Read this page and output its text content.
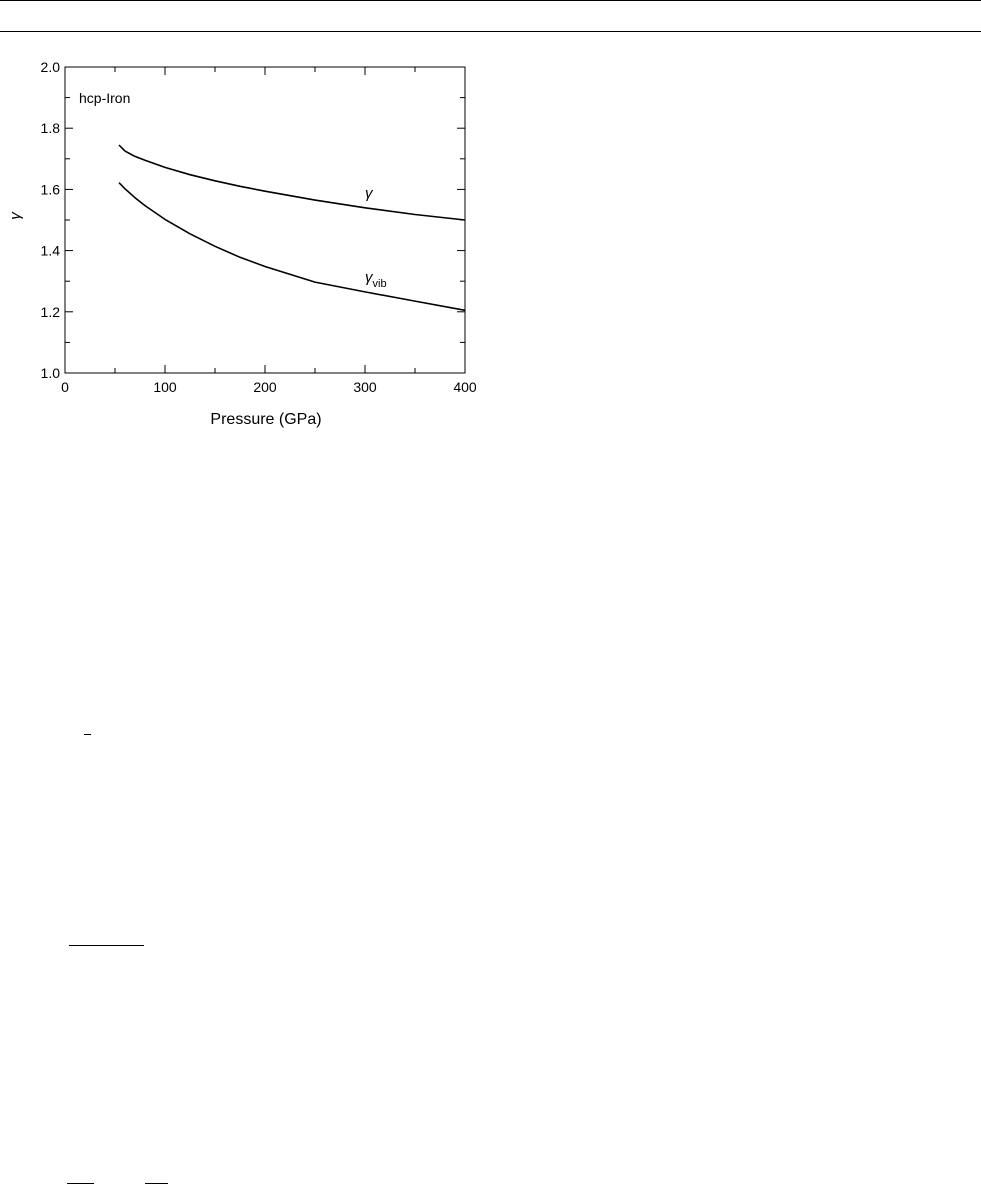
0	100	200	300	400
1.0
1.2
1.4
1.6
1.8
2.0
hcp-Iron
Pressure (GPa)
γ
γ
$\gamma_{vib}$
